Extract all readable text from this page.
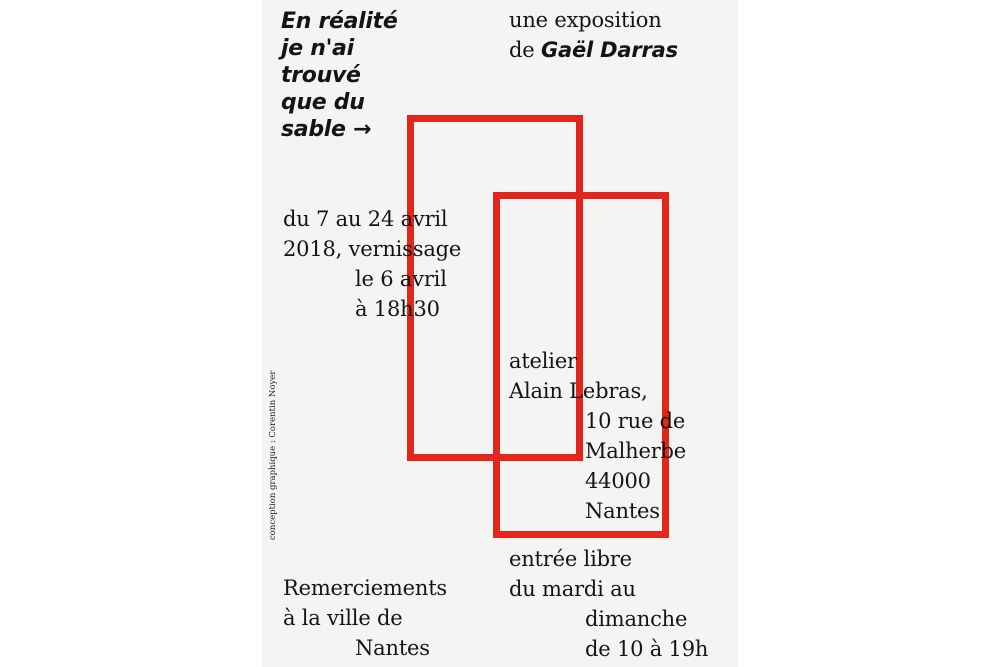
En réalité
je n'ai
trouvé
que du
sable →
une exposition
de Gaël Darras
du 7 au 24 avril
2018, vernissage
le 6 avril
à 18h30
atelier
Alain Lebras,
10 rue de
Malherbe
44000
Nantes
entrée libre
du mardi au
dimanche
de 10 à 19h
Remerciements
à la ville de
Nantes
conception graphique : Corentin Noyer
